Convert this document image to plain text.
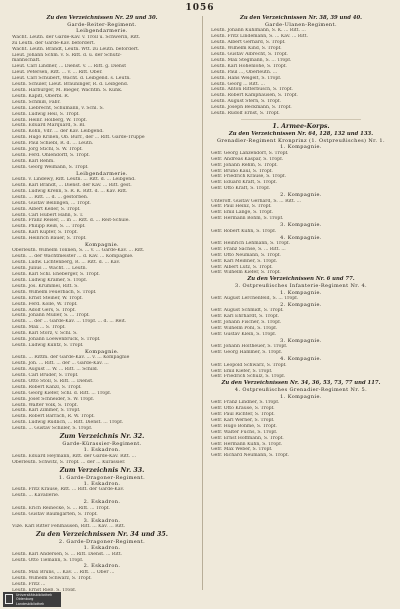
1056
Zu den Verzeichnissen Nr. 29 und 30.
Garde-Reiter-Regiment.
Leibgendarmerie.
Wacht. Leutn. der Garde-Kav. v. Troll u. Schwerin, Ritt.
zu Leutn. der Garde-Kav. befördert.
Wacht. Leutn. Brandt, Leutn. Wtt. zu Leutn. befördert.
Lieut. Johann Schm. v. S. Ritt. d. u. der Schutz-
mannschaft.
Lieut. Carl Lindner, ... Dienst. v. ... Ritt. g. Dienst
Lieut. Petersen, Ritt. ... v. ... Ritt. Ober.
Lieut. Carl Schubert, Wacht. d. Leibgend. s. Leutn.
Leutn. Schüler, Lieut. Bräuninger, R. d. Leibgend.
Leutn. Harburger, M. Bieger, Wachtm. S. Kuhk.
Leutn. Kapitl, Oberbl. R.
Leutn. Schmiß, Fabr.
Leutn. Liebrecht, Schumann, v. Schl. S.
Leutn. Ludwig Heil, S. Tropf.
Leutn. Heinr. Holberg, W. Tropf.
Leutn. Eduard Marquard, S. Bl.
Leutn. Kohn, Vdr. ... der Kav. Leibgend.
Leutn. Hugo Krinen, Ob. Burr., der ... Ritt. Garde-Truppe
Leutn. Paul Schiebl, R. d. ... Leutn.
Leutn. Jörg Stichl, S. W. Tropf.
Leutn. Ferd. Ohlendorff, S. Tropf.
Leutn. Karl Rehm.
Leutn. Georg Weimann, S. Tropf.
Leibgendarmerie.
Leutn. v. Lindewy, Ritt. Leutn. ... Ritt. d. ... Leibgend.
Leutn. Karl Brandt, ... Dienst. der Kav. ... Ritt. gest.
Leutn. Ludwig Krenn, S. R. K. Ritt. d. ... Kav. Ritt.
Leutn. ... Ritt. ... d. ... gestorben.
Leutn. Gustav Bellingen, ... Tropf.
Leutn. Albert Keller, S. Tropf.
Leutn. Carl Hubert Hahn, S. T.
Leutn. Franz Reiser, ... in ... Ritt. d. ... Reit-Schule.
Leutn. Philipp Reiß, S. ... Tropf.
Leutn. Karl Kupfer, S. Tropf.
Leutn. Heinrich Bauer, S. Tropf.
Kompagnie.
Oberleutn. Wilhelm Tonnen, S. ... v. ... Garde-Kav. ... Ritt.
Leutn. ... der Wachtmeister ... d. Kav. ... Kompagnie.
Leutn. Ludw. Lichtenberg, R. ... Ritt. d. ... Kav.
Leutn. Julius ... Wacht. ... Leutn.
Leutn. Karl Schl. Eheberger, S. Tropf.
Leutn. Ludwig Kramer, S. Tropf.
Leutn. Jos. Krummel, Ritt. S.
Leutn. Wilhelm Feuerbach, S. Tropf.
Leutn. Ernst Steiner, W. Tropf.
Leutn. Ferd. Kölle, W. Tropf.
Leutn. Adolf Gers, S. Tropf.
Leutn. Johann Müller, S. ... Tropf.
Leutn. ... der ... Garde-Kav. ... Tropf. ... d. ... Reit.
Leutn. Max ... S. Tropf.
Leutn. Karl Storz, v. Schl. S.
Leutn. Johann Loewenbrück, S. Tropf.
Leutn. Ludwig Kuntz, S. Tropf.
Kompagnie.
Leutn. ... Rittm. der Garde-Kav. ... v. ... Kompagnie
Leutn. Joh. ... Ritt. ... der ... Garde-Kav. ...
Leutn. August ... W. ... Ritt. ... Schild.
Leutn. Carl Bruder, S. Tropf.
Leutn. Otto Stoll, S. Ritt. ... Dienst.
Leutn. Robert Kanzl, S. Tropf.
Leutn. Georg Kiefer, Schl. d. Ritt. ... Tropf.
Leutn. Josef Schneider, S. W. Tropf.
Leutn. Walter Volk, S. Tropf.
Leutn. Karl Zimmer, S. Tropf.
Leutn. Robert Barrach, R. W. Tropf.
Leutn. Ludwig Rüdlich, ... Ritt. Dienst. ... Tropf.
Leutn. ... Gustav Schiller, S. Tropf.
Zum Verzeichnis Nr. 32.
Garde-Kürassier-Regiment.
1. Eskadron.
Leutn. Eduard Heymann, Ritt. der Garde-Kav. Ritt. ...
Oberleutn. Schwitz, S. Tropf. ... der ... Kürassier.
Zum Verzeichnis Nr. 33.
1. Garde-Dragoner-Regiment.
1. Eskadron.
Leutn. Fritz Krause, Ritt. ... Ritt. der Garde-Kav.
Leutn. ... Kavallerie.
2. Eskadron.
Leutn. Erich Reinecke, S. ... Ritt. ... Tropf.
Leutn. Gustav Baumgarten, S. Tropf.
3. Eskadron.
Vize. Karl Ritter Fehlhausen, Ritt. ... Kav. ... Ritt.
Zu den Verzeichnissen Nr. 34 und 35.
2. Garde-Dragoner-Regiment.
1. Eskadron.
Leutn. Karl Andersen, S. ... Ritt. Dienst. ... Ritt.
Leutn. Otto Tiemann, S. Tropf.
2. Eskadron.
Leutn. Max Bruns, ... Kav. ... Ritt. ... Ober ...
Leutn. Wilhelm Schwarz, S. Tropf.
Leutn. Fritz ...
Leutn. Ernst Rieß, S. Tropf.
Zu den Verzeichnissen Nr. 38, 39 und 40.
Garde-Ulanen-Regiment.
Leutn. Johann Kuhlmann, S. K. ... Ritt. ...
Leutn. Fritz Lindemann, S. ... Kav. ... Ritt.
Leutn. Albert Gerhard, S. Tropf.
Leutn. Wilhelm Kind, S. Tropf.
Leutn. Gustav Albrecht, S. Tropf.
Leutn. Max Stegmann, S. ... Tropf.
Leutn. Karl Hohenlohe, S. Tropf.
Leutn. Paul ..., Oberleutn. ...
Leutn. Hans Weigelt, S. Tropf.
Leutn. Georg ... Ritt. ...
Leutn. Anton Ritterbusch, S. Tropf.
Leutn. Robert Kamphausen, S. Tropf.
Leutn. August Stern, S. Tropf.
Leutn. Joseph Beckmann, S. Tropf.
Leutn. Rudolf Ernst, S. Tropf.
1. Armee-Korps.
Zu den Verzeichnissen Nr. 64, 128, 132 und 133.
Grenadier-Regiment Kronprinz (1. Ostpreußisches) Nr. 1.
1. Kompagnie.
Gefr. Georg Lanzendorf, S. Tropf.
Gefr. Andreas Kaspar, S. Tropf.
Gefr. Johann Rehm, S. Tropf.
Gefr. Bruno Kaul, S. Tropf.
Gefr. Friedrich Krause, S. Tropf.
Gefr. Eduard Kraft, S. Tropf.
Gefr. Otto Kraft, S. Tropf.
2. Kompagnie.
Unteroff. Gustav Gerhard, S. ... Ritt. ...
Gefr. Paul Heinz, S. Tropf.
Gefr. Emil Lange, S. Tropf.
Gefr. Hermann Böhm, S. Tropf.
3. Kompagnie.
Gefr. Robert Kühn, S. Tropf.
4. Kompagnie.
Gefr. Heinrich Lehmann, S. Tropf.
Gefr. Franz Sachse, S. ... Ritt. ...
Gefr. Otto Neumann, S. Tropf.
Gefr. Karl Meißner, S. Tropf.
Gefr. Albert Lutz, S. Tropf.
Gefr. Wilhelm Kiefer, S. Tropf.
Zu den Verzeichnissen Nr. 6 und 77.
3. Ostpreußisches Infanterie-Regiment Nr. 4.
1. Kompagnie.
Gefr. August Lerchenfeld, S. ... Tropf.
2. Kompagnie.
Gefr. August Schmidt, S. Tropf.
Gefr. Karl Ehrhardt, S. Tropf.
Gefr. Johann Fischer, S. Tropf.
Gefr. Wilhelm Pohl, S. Tropf.
Gefr. Gustav Klein, S. Tropf.
3. Kompagnie.
Gefr. Johann Holtheuer, S. Tropf.
Gefr. Georg Hammer, S. Tropf.
4. Kompagnie.
Gefr. Leopold Schwarz, S. Tropf.
Gefr. Emil Kiefer, S. Tropf.
Gefr. Friedrich Schulz, S. Tropf.
Zu den Verzeichnissen Nr. 34, 36, 53, 73, 77 und 117.
4. Ostpreußisches Grenadier-Regiment Nr. 5.
1. Kompagnie.
Gefr. Franz Lindner, S. Tropf.
Gefr. Otto Krause, S. Tropf.
Gefr. Paul Richter, S. Tropf.
Gefr. Karl Werner, S. Tropf.
Gefr. Hugo Böhme, S. Tropf.
Gefr. Walter Fuchs, S. Tropf.
Gefr. Ernst Hoffmann, S. Tropf.
Gefr. Hermann Kuhn, S. Tropf.
Gefr. Max Weber, S. Tropf.
Gefr. Richard Neumann, S. Tropf.
Universitätsbibliothek
Oldenburg
Landesbibliothek
